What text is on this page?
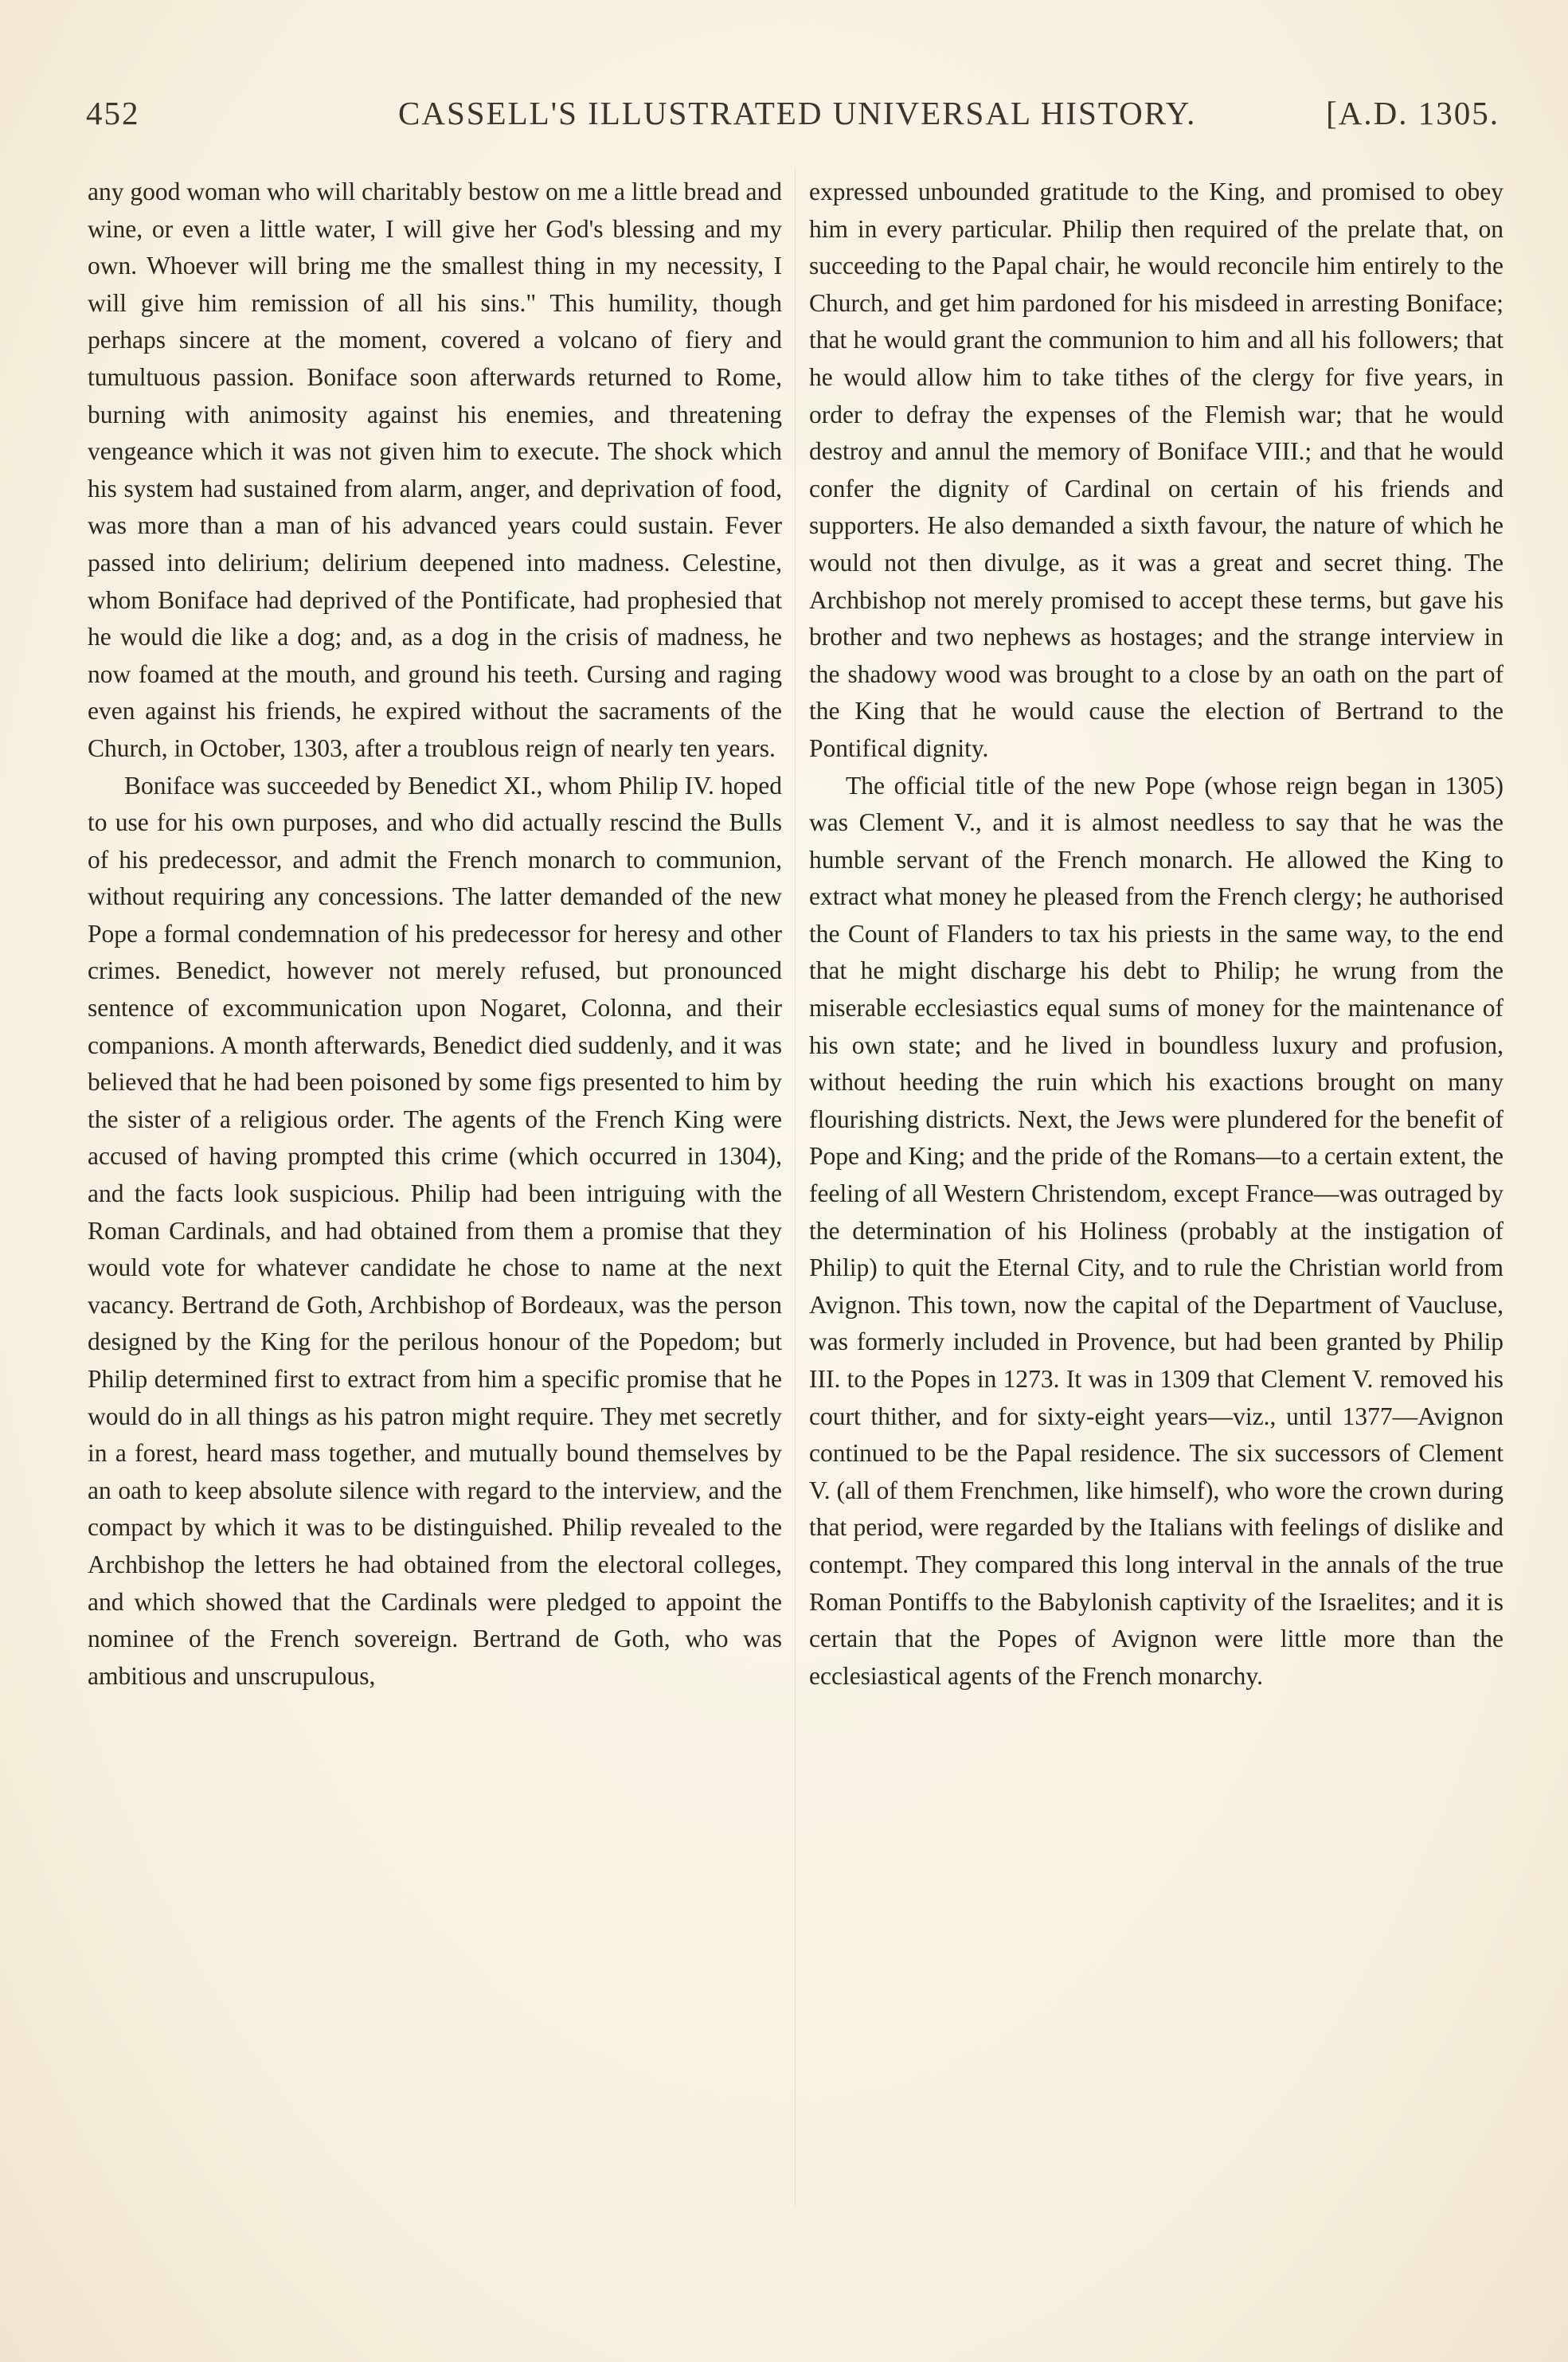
452	CASSELL'S ILLUSTRATED UNIVERSAL HISTORY.	[A.D. 1305.

any good woman who will charitably bestow on me a little bread and wine, or even a little water, I will give her God's blessing and my own. Whoever will bring me the smallest thing in my necessity, I will give him remission of all his sins." This humility, though perhaps sincere at the moment, covered a volcano of fiery and tumultuous passion. Boniface soon afterwards returned to Rome, burning with animosity against his enemies, and threatening vengeance which it was not given him to execute. The shock which his system had sustained from alarm, anger, and deprivation of food, was more than a man of his advanced years could sustain. Fever passed into delirium; delirium deepened into madness. Celestine, whom Boniface had deprived of the Pontificate, had prophesied that he would die like a dog; and, as a dog in the crisis of madness, he now foamed at the mouth, and ground his teeth. Cursing and raging even against his friends, he expired without the sacraments of the Church, in October, 1303, after a troublous reign of nearly ten years.

Boniface was succeeded by Benedict XI., whom Philip IV. hoped to use for his own purposes, and who did actually rescind the Bulls of his predecessor, and admit the French monarch to communion, without requiring any concessions. The latter demanded of the new Pope a formal condemnation of his predecessor for heresy and other crimes. Benedict, however not merely refused, but pronounced sentence of excommunication upon Nogaret, Colonna, and their companions. A month afterwards, Benedict died suddenly, and it was believed that he had been poisoned by some figs presented to him by the sister of a religious order. The agents of the French King were accused of having prompted this crime (which occurred in 1304), and the facts look suspicious. Philip had been intriguing with the Roman Cardinals, and had obtained from them a promise that they would vote for whatever candidate he chose to name at the next vacancy. Bertrand de Goth, Archbishop of Bordeaux, was the person designed by the King for the perilous honour of the Popedom; but Philip determined first to extract from him a specific promise that he would do in all things as his patron might require. They met secretly in a forest, heard mass together, and mutually bound themselves by an oath to keep absolute silence with regard to the interview, and the compact by which it was to be distinguished. Philip revealed to the Archbishop the letters he had obtained from the electoral colleges, and which showed that the Cardinals were pledged to appoint the nominee of the French sovereign. Bertrand de Goth, who was ambitious and unscrupulous,

expressed unbounded gratitude to the King, and promised to obey him in every particular. Philip then required of the prelate that, on succeeding to the Papal chair, he would reconcile him entirely to the Church, and get him pardoned for his misdeed in arresting Boniface; that he would grant the communion to him and all his followers; that he would allow him to take tithes of the clergy for five years, in order to defray the expenses of the Flemish war; that he would destroy and annul the memory of Boniface VIII.; and that he would confer the dignity of Cardinal on certain of his friends and supporters. He also demanded a sixth favour, the nature of which he would not then divulge, as it was a great and secret thing. The Archbishop not merely promised to accept these terms, but gave his brother and two nephews as hostages; and the strange interview in the shadowy wood was brought to a close by an oath on the part of the King that he would cause the election of Bertrand to the Pontifical dignity.

The official title of the new Pope (whose reign began in 1305) was Clement V., and it is almost needless to say that he was the humble servant of the French monarch. He allowed the King to extract what money he pleased from the French clergy; he authorised the Count of Flanders to tax his priests in the same way, to the end that he might discharge his debt to Philip; he wrung from the miserable ecclesiastics equal sums of money for the maintenance of his own state; and he lived in boundless luxury and profusion, without heeding the ruin which his exactions brought on many flourishing districts. Next, the Jews were plundered for the benefit of Pope and King; and the pride of the Romans—to a certain extent, the feeling of all Western Christendom, except France—was outraged by the determination of his Holiness (probably at the instigation of Philip) to quit the Eternal City, and to rule the Christian world from Avignon. This town, now the capital of the Department of Vaucluse, was formerly included in Provence, but had been granted by Philip III. to the Popes in 1273. It was in 1309 that Clement V. removed his court thither, and for sixty-eight years—viz., until 1377—Avignon continued to be the Papal residence. The six successors of Clement V. (all of them Frenchmen, like himself), who wore the crown during that period, were regarded by the Italians with feelings of dislike and contempt. They compared this long interval in the annals of the true Roman Pontiffs to the Babylonish captivity of the Israelites; and it is certain that the Popes of Avignon were little more than the ecclesiastical agents of the French monarchy.
